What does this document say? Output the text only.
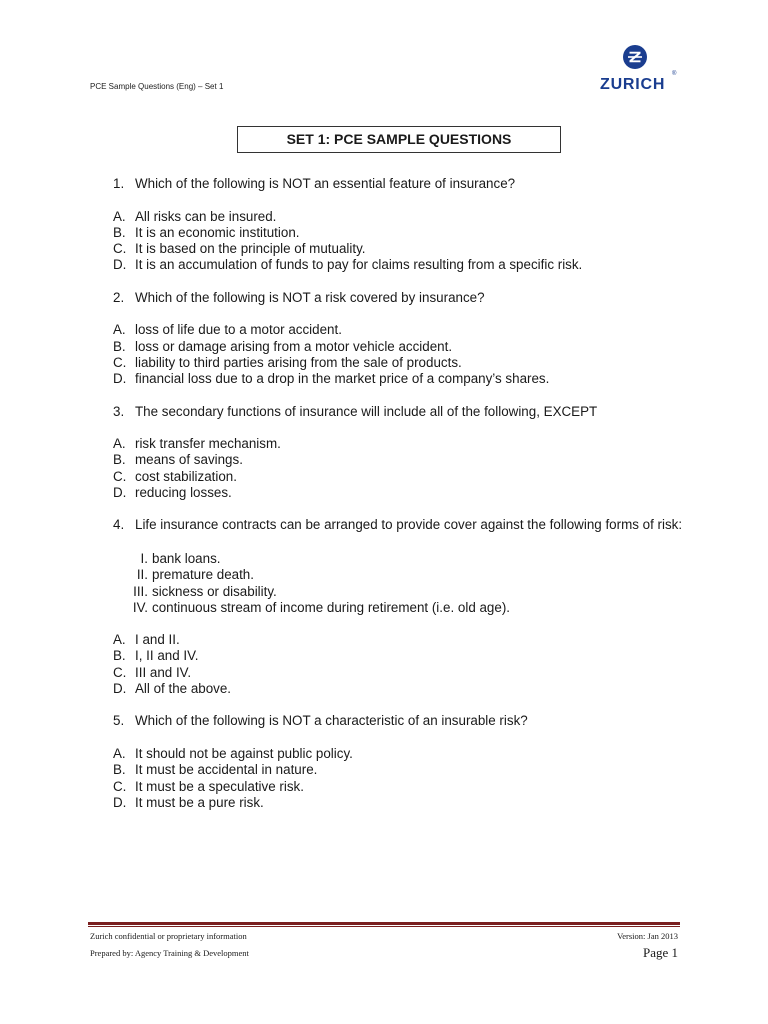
PCE Sample Questions (Eng) – Set 1	ZURICH
®
SET 1: PCE SAMPLE QUESTIONS
1. Which of the following is NOT an essential feature of insurance?
A. All risks can be insured.
B. It is an economic institution.
C. It is based on the principle of mutuality.
D. It is an accumulation of funds to pay for claims resulting from a specific risk.
2. Which of the following is NOT a risk covered by insurance?
A. loss of life due to a motor accident.
B. loss or damage arising from a motor vehicle accident.
C. liability to third parties arising from the sale of products.
D. financial loss due to a drop in the market price of a company’s shares.
3. The secondary functions of insurance will include all of the following, EXCEPT
A. risk transfer mechanism.
B. means of savings.
C. cost stabilization.
D. reducing losses.
4. Life insurance contracts can be arranged to provide cover against the following forms of risk:
I. bank loans.
II. premature death.
III. sickness or disability.
IV. continuous stream of income during retirement (i.e. old age).
A. I and II.
B. I, II and IV.
C. III and IV.
D. All of the above.
5. Which of the following is NOT a characteristic of an insurable risk?
A. It should not be against public policy.
B. It must be accidental in nature.
C. It must be a speculative risk.
D. It must be a pure risk.
Zurich confidential or proprietary information
Prepared by: Agency Training & Development
Version: Jan 2013
Page 1
